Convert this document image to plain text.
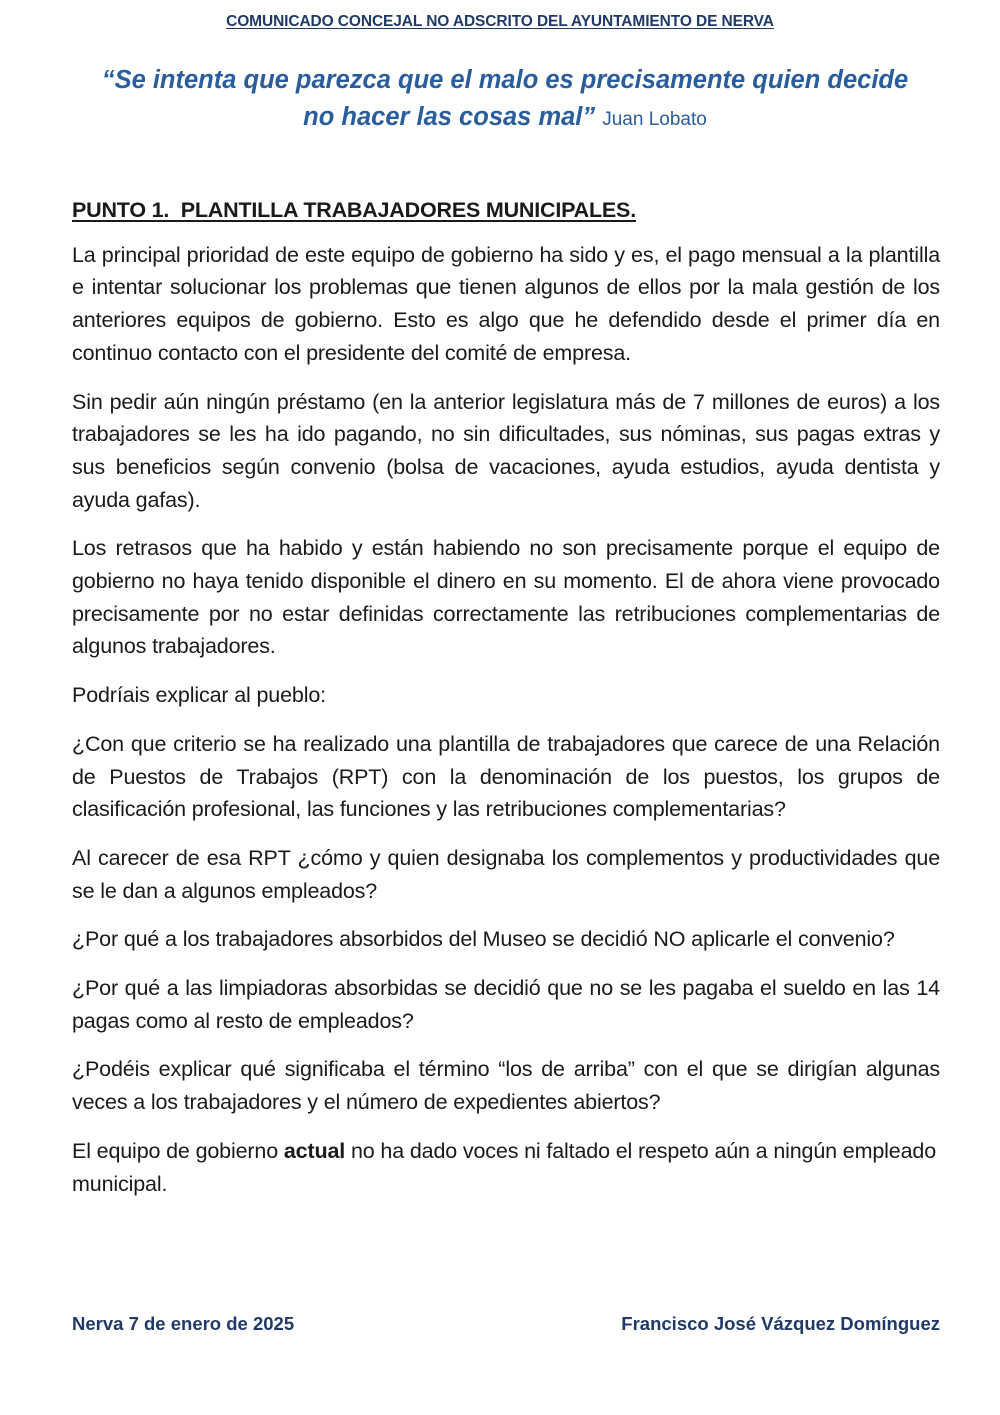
COMUNICADO CONCEJAL NO ADSCRITO DEL AYUNTAMIENTO DE NERVA
“Se intenta que parezca que el malo es precisamente quien decide
no hacer las cosas mal” Juan Lobato
PUNTO 1.  PLANTILLA TRABAJADORES MUNICIPALES.

La principal prioridad de este equipo de gobierno ha sido y es, el pago mensual a la plantilla e intentar solucionar los problemas que tienen algunos de ellos por la mala gestión de los anteriores equipos de gobierno. Esto es algo que he defendido desde el primer día en continuo contacto con el presidente del comité de empresa.

Sin pedir aún ningún préstamo (en la anterior legislatura más de 7 millones de euros) a los trabajadores se les ha ido pagando, no sin dificultades, sus nóminas, sus pagas extras y sus beneficios según convenio (bolsa de vacaciones, ayuda estudios, ayuda dentista y ayuda gafas).

Los retrasos que ha habido y están habiendo no son precisamente porque el equipo de gobierno no haya tenido disponible el dinero en su momento. El de ahora viene provocado precisamente por no estar definidas correctamente las retribuciones complementarias de algunos trabajadores.

Podríais explicar al pueblo:

¿Con que criterio se ha realizado una plantilla de trabajadores que carece de una Relación de Puestos de Trabajos (RPT) con la denominación de los puestos, los grupos de clasificación profesional, las funciones y las retribuciones complementarias?

Al carecer de esa RPT ¿cómo y quien designaba los complementos y productividades que se le dan a algunos empleados?

¿Por qué a los trabajadores absorbidos del Museo se decidió NO aplicarle el convenio?

¿Por qué a las limpiadoras absorbidas se decidió que no se les pagaba el sueldo en las 14 pagas como al resto de empleados?

¿Podéis explicar qué significaba el término “los de arriba” con el que se dirigían algunas veces a los trabajadores y el número de expedientes abiertos?

El equipo de gobierno actual no ha dado voces ni faltado el respeto aún a ningún empleado municipal.

Nerva 7 de enero de 2025	Francisco José Vázquez Domínguez
